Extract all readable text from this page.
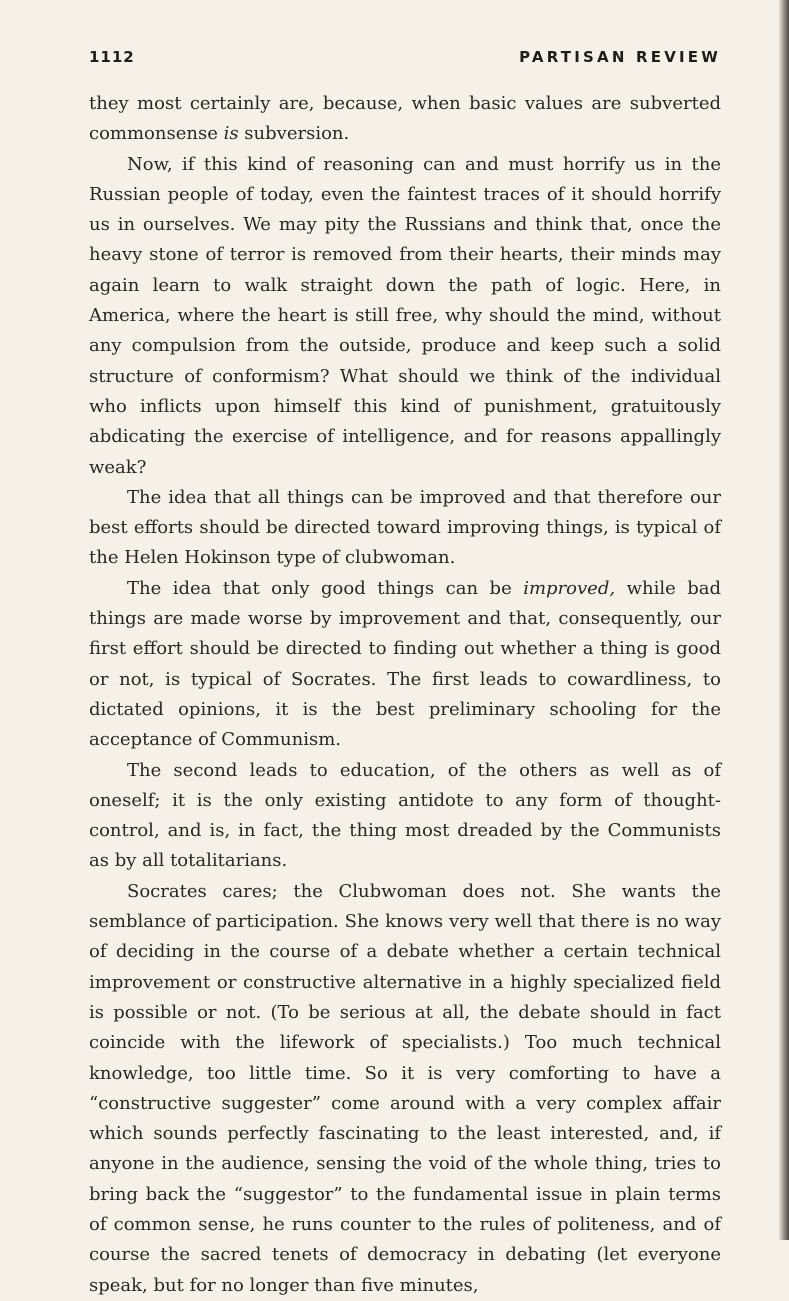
1112	PARTISAN REVIEW

they most certainly are, because, when basic values are subverted commonsense is subversion.

Now, if this kind of reasoning can and must horrify us in the Russian people of today, even the faintest traces of it should horrify us in ourselves. We may pity the Russians and think that, once the heavy stone of terror is removed from their hearts, their minds may again learn to walk straight down the path of logic. Here, in America, where the heart is still free, why should the mind, without any compulsion from the outside, produce and keep such a solid structure of conformism? What should we think of the individual who inflicts upon himself this kind of punishment, gratuitously abdicating the exercise of intelligence, and for reasons appallingly weak?

The idea that all things can be improved and that therefore our best efforts should be directed toward improving things, is typical of the Helen Hokinson type of clubwoman.

The idea that only good things can be improved, while bad things are made worse by improvement and that, consequently, our first effort should be directed to finding out whether a thing is good or not, is typical of Socrates. The first leads to cowardliness, to dictated opinions, it is the best preliminary schooling for the acceptance of Communism.

The second leads to education, of the others as well as of oneself; it is the only existing antidote to any form of thought-control, and is, in fact, the thing most dreaded by the Communists as by all totalitarians.

Socrates cares; the Clubwoman does not. She wants the semblance of participation. She knows very well that there is no way of deciding in the course of a debate whether a certain technical improvement or constructive alternative in a highly specialized field is possible or not. (To be serious at all, the debate should in fact coincide with the lifework of specialists.) Too much technical knowledge, too little time. So it is very comforting to have a “constructive suggester” come around with a very complex affair which sounds perfectly fascinating to the least interested, and, if anyone in the audience, sensing the void of the whole thing, tries to bring back the “suggestor” to the fundamental issue in plain terms of common sense, he runs counter to the rules of politeness, and of course the sacred tenets of democracy in debating (let everyone speak, but for no longer than five minutes,
